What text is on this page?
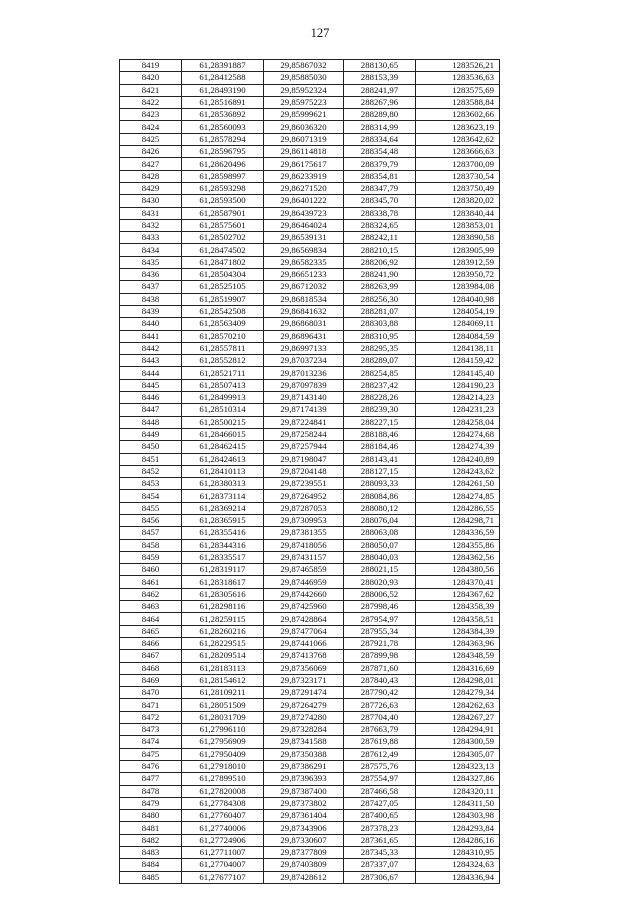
127
8419	61,28391887	29,85867032	288130,65	1283526,21
8420	61,28412588	29,85885030	288153,39	1283536,63
8421	61,28493190	29,85952324	288241,97	1283575,69
8422	61,28516891	29,85975223	288267,96	1283588,84
8423	61,28536892	29,85999621	288289,80	1283602,66
8424	61,28560093	29,86036320	288314,99	1283623,19
8425	61,28578294	29,86071319	288334,64	1283642,62
8426	61,28596795	29,86114818	288354,48	1283666,63
8427	61,28620496	29,86175617	288379,79	1283700,09
8428	61,28598997	29,86233919	288354,81	1283730,54
8429	61,28593298	29,86271520	288347,79	1283750,49
8430	61,28593500	29,86401222	288345,70	1283820,02
8431	61,28587901	29,86439723	288338,78	1283840,44
8432	61,28575601	29,86464024	288324,65	1283853,01
8433	61,28502702	29,86539131	288242,11	1283890,58
8434	61,28474502	29,86569834	288210,15	1283905,99
8435	61,28471802	29,86582335	288206,92	1283912,59
8436	61,28504304	29,86651233	288241,90	1283950,72
8437	61,28525105	29,86712032	288263,99	1283984,08
8438	61,28519907	29,86818534	288256,30	1284040,98
8439	61,28542508	29,86841632	288281,07	1284054,19
8440	61,28563409	29,86868031	288303,88	1284069,11
8441	61,28570210	29,86896431	288310,95	1284084,59
8442	61,28557811	29,86997133	288295,35	1284138,11
8443	61,28552812	29,87037234	288289,07	1284159,42
8444	61,28521711	29,87013236	288254,85	1284145,40
8445	61,28507413	29,87097839	288237,42	1284190,23
8446	61,28499913	29,87143140	288228,26	1284214,23
8447	61,28510314	29,87174139	288239,30	1284231,23
8448	61,28500215	29,87224841	288227,15	1284258,04
8449	61,28466015	29,87258244	288188,46	1284274,68
8450	61,28462415	29,87257944	288184,46	1284274,39
8451	61,28424613	29,87198047	288143,41	1284240,89
8452	61,28410113	29,87204148	288127,15	1284243,62
8453	61,28380313	29,87239551	288093,33	1284261,50
8454	61,28373114	29,87264952	288084,86	1284274,85
8455	61,28369214	29,87287053	288080,12	1284286,55
8456	61,28365915	29,87309953	288076,04	1284298,71
8457	61,28355416	29,87381355	288063,08	1284336,59
8458	61,28344316	29,87418056	288050,07	1284355,86
8459	61,28335517	29,87431157	288040,03	1284362,56
8460	61,28319117	29,87465859	288021,15	1284380,56
8461	61,28318617	29,87446959	288020,93	1284370,41
8462	61,28305616	29,87442660	288006,52	1284367,62
8463	61,28298116	29,87425960	287998,46	1284358,39
8464	61,28259115	29,87428864	287954,97	1284358,51
8465	61,28260216	29,87477064	287955,34	1284384,39
8466	61,28229515	29,87441066	287921,78	1284363,96
8467	61,28209514	29,87413768	287899,98	1284348,59
8468	61,28183113	29,87356069	287871,60	1284316,69
8469	61,28154612	29,87323171	287840,43	1284298,01
8470	61,28109211	29,87291474	287790,42	1284279,34
8471	61,28051509	29,87264279	287726,63	1284262,63
8472	61,28031709	29,87274280	287704,40	1284267,27
8473	61,27996110	29,87328284	287663,79	1284294,91
8474	61,27956909	29,87341588	287619,88	1284300,59
8475	61,27950409	29,87350388	287612,49	1284305,07
8476	61,27918010	29,87386291	287575,76	1284323,13
8477	61,27899510	29,87396393	287554,97	1284327,86
8478	61,27820008	29,87387400	287466,58	1284320,11
8479	61,27784308	29,87373802	287427,05	1284311,50
8480	61,27760407	29,87361404	287400,65	1284303,98
8481	61,27740006	29,87343906	287378,23	1284293,84
8482	61,27724906	29,87330607	287361,65	1284286,16
8483	61,27711007	29,87377809	287345,33	1284310,95
8484	61,27704007	29,87403809	287337,07	1284324,63
8485	61,27677107	29,87428612	287306,67	1284336,94
